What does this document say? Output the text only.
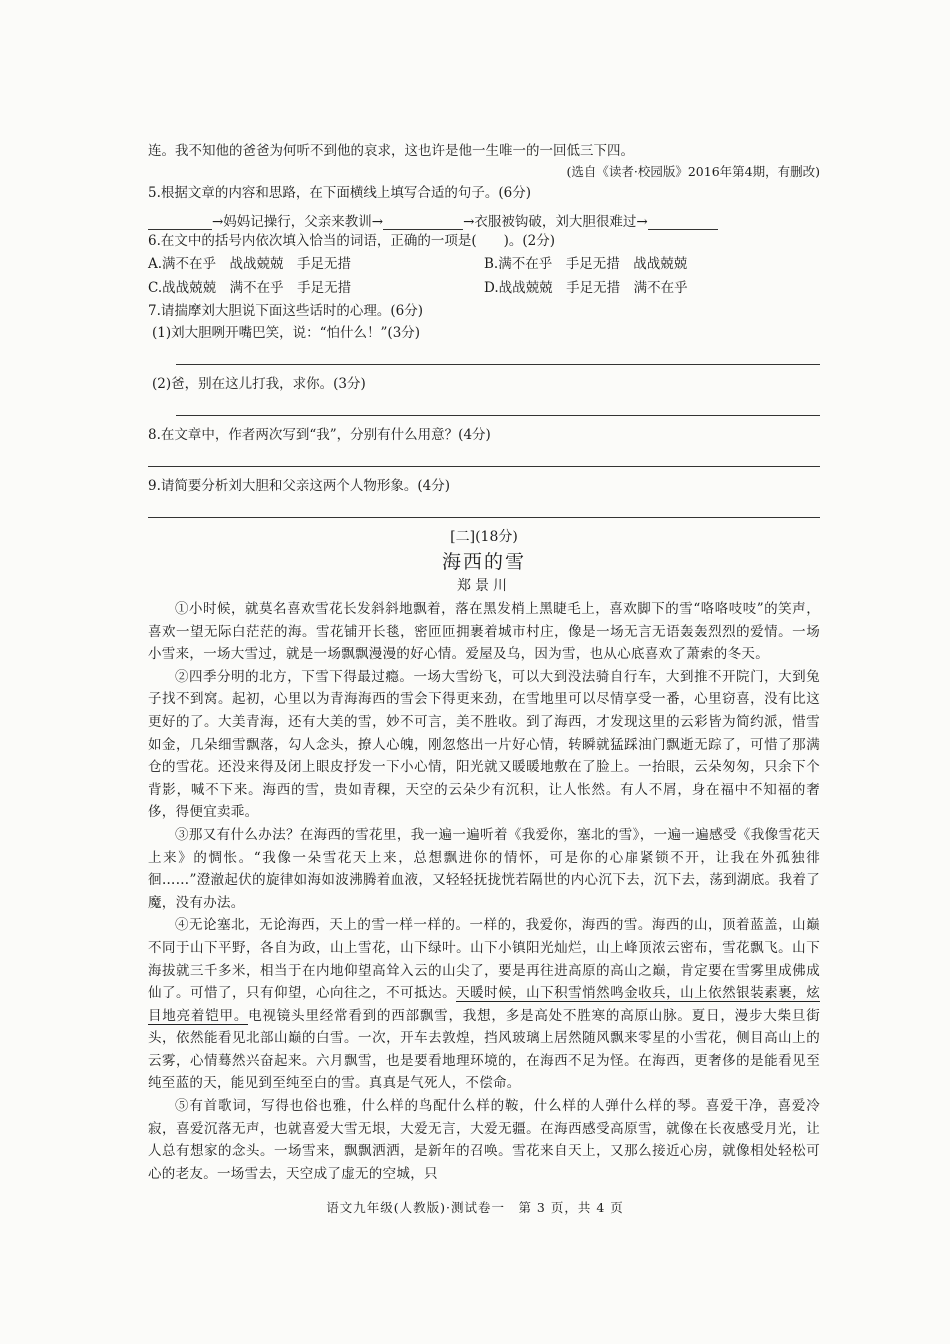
连。我不知他的爸爸为何听不到他的哀求，这也许是他一生唯一的一回低三下四。
(选自《读者·校园版》2016年第4期，有删改)
5.根据文章的内容和思路，在下面横线上填写合适的句子。(6分)
→妈妈记操行，父亲来教训→	→衣服被钩破，刘大胆很难过→
6.在文中的括号内依次填入恰当的词语，正确的一项是(　　)。(2分)
A.满不在乎　战战兢兢　手足无措	B.满不在乎　手足无措　战战兢兢
C.战战兢兢　满不在乎　手足无措	D.战战兢兢　手足无措　满不在乎
7.请揣摩刘大胆说下面这些话时的心理。(6分)
(1)刘大胆咧开嘴巴笑，说：“怕什么！”(3分)
(2)爸，别在这儿打我，求你。(3分)
8.在文章中，作者两次写到“我”，分别有什么用意？(4分)
9.请简要分析刘大胆和父亲这两个人物形象。(4分)
[二](18分)
海西的雪
郑景川
①小时候，就莫名喜欢雪花长发斜斜地飘着，落在黑发梢上黑睫毛上，喜欢脚下的雪“咯咯吱吱”的笑声，喜欢一望无际白茫茫的海。雪花铺开长毯，密匝匝拥裹着城市村庄，像是一场无言无语轰轰烈烈的爱情。一场小雪来，一场大雪过，就是一场飘飘漫漫的好心情。爱屋及乌，因为雪，也从心底喜欢了萧索的冬天。
②四季分明的北方，下雪下得最过瘾。一场大雪纷飞，可以大到没法骑自行车，大到推不开院门，大到兔子找不到窝。起初，心里以为青海海西的雪会下得更来劲，在雪地里可以尽情享受一番，心里窃喜，没有比这更好的了。大美青海，还有大美的雪，妙不可言，美不胜收。到了海西，才发现这里的云彩皆为简约派，惜雪如金，几朵细雪飘落，勾人念头，撩人心魄，刚忽悠出一片好心情，转瞬就猛踩油门飘逝无踪了，可惜了那满仓的雪花。还没来得及闭上眼皮抒发一下小心情，阳光就又暖暖地敷在了脸上。一抬眼，云朵匆匆，只余下个背影，喊不下来。海西的雪，贵如青稞，天空的云朵少有沉积，让人怅然。有人不屑，身在福中不知福的奢侈，得便宜卖乖。
③那又有什么办法？在海西的雪花里，我一遍一遍听着《我爱你，塞北的雪》，一遍一遍感受《我像雪花天上来》的惆怅。“我像一朵雪花天上来，总想飘进你的情怀，可是你的心扉紧锁不开，让我在外孤独徘徊……”澄澈起伏的旋律如海如波沸腾着血液，又轻轻抚拢恍若隔世的内心沉下去，沉下去，荡到湖底。我着了魔，没有办法。
④无论塞北，无论海西，天上的雪一样一样的。一样的，我爱你，海西的雪。海西的山，顶着蓝盖，山巅不同于山下平野，各自为政，山上雪花，山下绿叶。山下小镇阳光灿烂，山上峰顶浓云密布，雪花飘飞。山下海拔就三千多米，相当于在内地仰望高耸入云的山尖了，要是再往进高原的高山之巅，肯定要在雪雾里成佛成仙了。可惜了，只有仰望，心向往之，不可抵达。天暖时候，山下积雪悄然鸣金收兵，山上依然银装素裹，炫目地亮着铠甲。电视镜头里经常看到的西部飘雪，我想，多是高处不胜寒的高原山脉。夏日，漫步大柴旦街头，依然能看见北部山巅的白雪。一次，开车去敦煌，挡风玻璃上居然随风飘来零星的小雪花，侧目高山上的云雾，心情蓦然兴奋起来。六月飘雪，也是要看地理环境的，在海西不足为怪。在海西，更奢侈的是能看见至纯至蓝的天，能见到至纯至白的雪。真真是气死人，不偿命。
⑤有首歌词，写得也俗也雅，什么样的鸟配什么样的鞍，什么样的人弹什么样的琴。喜爱干净，喜爱冷寂，喜爱沉落无声，也就喜爱大雪无垠，大爱无言，大爱无疆。在海西感受高原雪，就像在长夜感受月光，让人总有想家的念头。一场雪来，飘飘洒洒，是新年的召唤。雪花来自天上，又那么接近心房，就像相处轻松可心的老友。一场雪去，天空成了虚无的空城，只
语文九年级(人教版)·测试卷一　第 3 页，共 4 页
